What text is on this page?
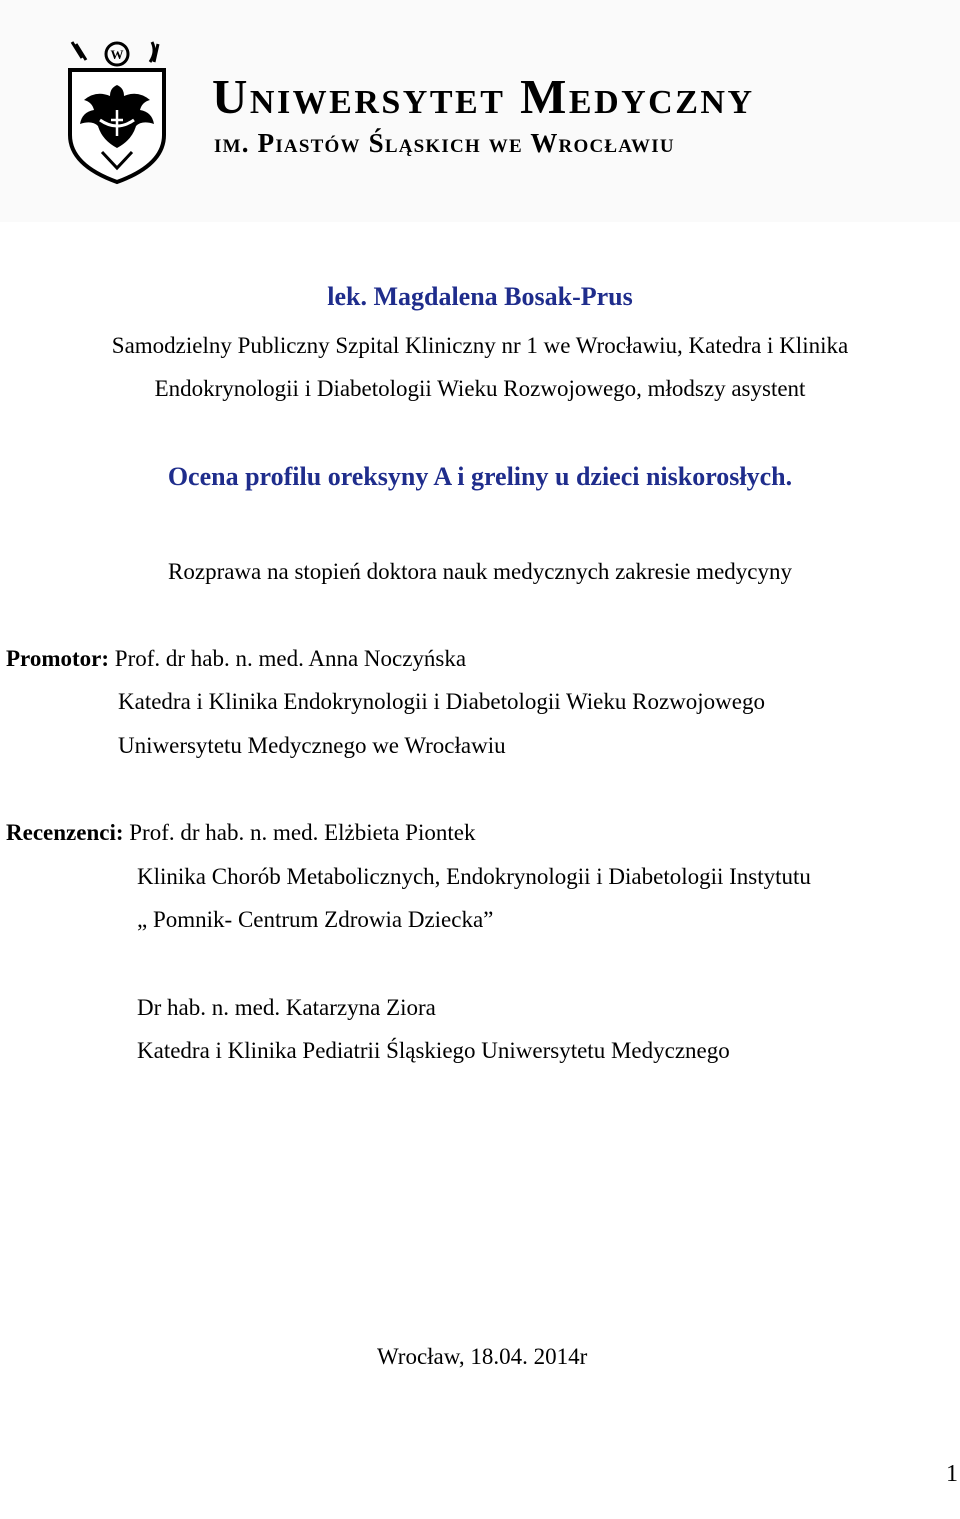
W
Uniwersytet Medyczny
im. Piastów Śląskich we Wrocławiu
lek. Magdalena Bosak-Prus
Samodzielny Publiczny Szpital Kliniczny nr 1 we Wrocławiu, Katedra i Klinika
Endokrynologii i Diabetologii Wieku Rozwojowego, młodszy asystent
Ocena profilu oreksyny A i greliny u dzieci niskorosłych.
Rozprawa na stopień doktora nauk medycznych zakresie medycyny
Promotor: Prof. dr hab. n. med. Anna Noczyńska
Katedra i Klinika Endokrynologii i Diabetologii Wieku Rozwojowego
Uniwersytetu Medycznego we Wrocławiu
Recenzenci: Prof. dr hab. n. med. Elżbieta Piontek
Klinika Chorób Metabolicznych, Endokrynologii i Diabetologii Instytutu
„ Pomnik- Centrum Zdrowia Dziecka”
Dr hab. n. med. Katarzyna Ziora
Katedra i Klinika Pediatrii Śląskiego Uniwersytetu Medycznego
Wrocław, 18.04. 2014r
1
